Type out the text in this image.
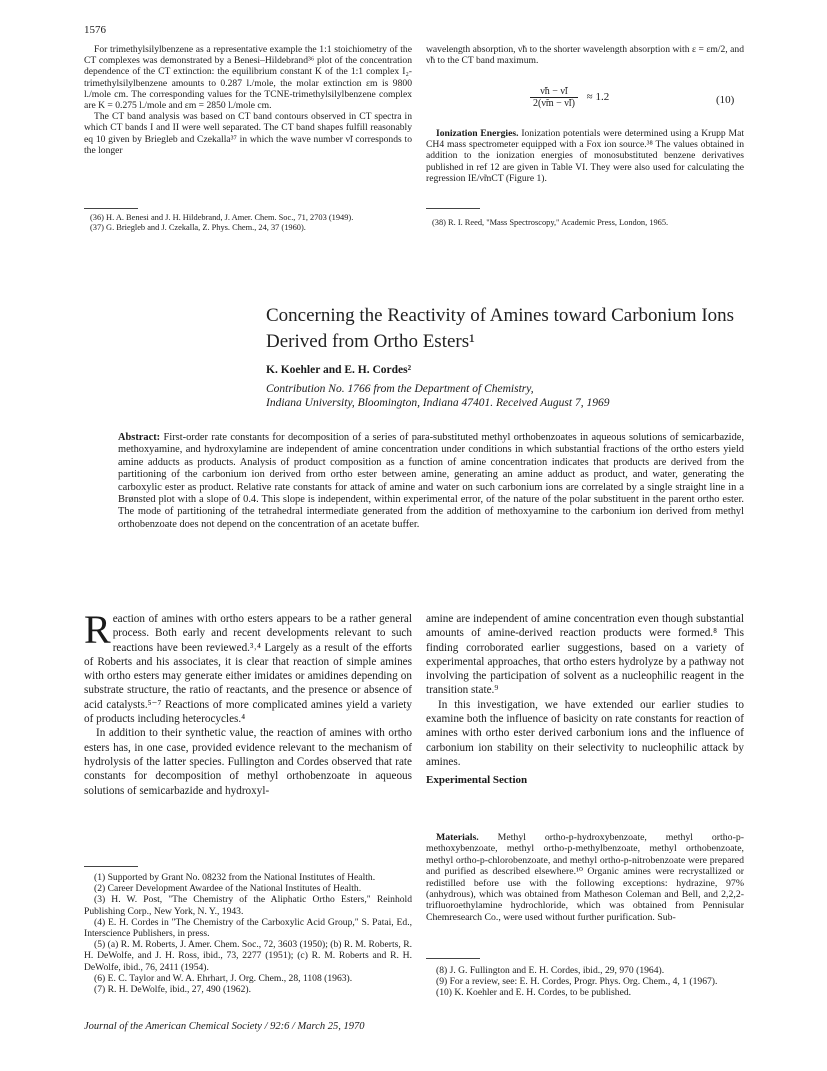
1576

For trimethylsilylbenzene as a representative example the 1:1 stoichiometry of the CT complexes was demonstrated by a Benesi–Hildebrand³⁶ plot of the concentration dependence of the CT extinction: the equilibrium constant K of the 1:1 complex I₂-trimethylsilylbenzene amounts to 0.287 l./mole, the molar extinction εm is 9800 l./mole cm. The corresponding values for the TCNE-trimethylsilylbenzene complex are K = 0.275 l./mole and εm = 2850 l./mole cm.

The CT band analysis was based on CT band contours observed in CT spectra in which CT bands I and II were well separated. The CT band shapes fulfill reasonably eq 10 given by Briegleb and Czekalla³⁷ in which the wave number ν̃l corresponds to the longer

(36) H. A. Benesi and J. H. Hildebrand, J. Amer. Chem. Soc., 71, 2703 (1949).

(37) G. Briegleb and J. Czekalla, Z. Phys. Chem., 24, 37 (1960).

wavelength absorption, ν̃h to the shorter wavelength absorption with ε = εm/2, and ν̃h to the CT band maximum.

$\frac{\nũh - \nũl}{2(\nũm - \nũl)} \approx 1.2$	(10)

Ionization Energies. Ionization potentials were determined using a Krupp Mat CH4 mass spectrometer equipped with a Fox ion source.³⁸ The values obtained in addition to the ionization energies of monosubstituted benzene derivatives published in ref 12 are given in Table VI. They were also used for calculating the regression IE/ν̃mCT (Figure 1).

(38) R. I. Reed, "Mass Spectroscopy," Academic Press, London, 1965.

Concerning the Reactivity of Amines toward Carbonium Ions
Derived from Ortho Esters¹
K. Koehler and E. H. Cordes²
Contribution No. 1766 from the Department of Chemistry,
Indiana University, Bloomington, Indiana 47401. Received August 7, 1969
Abstract: First-order rate constants for decomposition of a series of para-substituted methyl orthobenzoates in aqueous solutions of semicarbazide, methoxyamine, and hydroxylamine are independent of amine concentration under conditions in which substantial fractions of the ortho esters yield amine adducts as products. Analysis of product composition as a function of amine concentration indicates that products are derived from the partitioning of the carbonium ion derived from ortho ester between amine, generating an amine adduct as product, and water, generating the carboxylic ester as product. Relative rate constants for attack of amine and water on such carbonium ions are correlated by a single straight line in a Brønsted plot with a slope of 0.4. This slope is independent, within experimental error, of the nature of the polar substituent in the parent ortho ester. The mode of partitioning of the tetrahedral intermediate generated from the addition of methoxyamine to the carbonium ion derived from methyl orthobenzoate does not depend on the concentration of an acetate buffer.

Reaction of amines with ortho esters appears to be a rather general process. Both early and recent developments relevant to such reactions have been reviewed.³˒⁴ Largely as a result of the efforts of Roberts and his associates, it is clear that reaction of simple amines with ortho esters may generate either imidates or amidines depending on substrate structure, the ratio of reactants, and the presence or absence of acid catalysts.⁵⁻⁷ Reactions of more complicated amines yield a variety of products including heterocycles.⁴

In addition to their synthetic value, the reaction of amines with ortho esters has, in one case, provided evidence relevant to the mechanism of hydrolysis of the latter species. Fullington and Cordes observed that rate constants for decomposition of methyl orthobenzoate in aqueous solutions of semicarbazide and hydroxyl-

(1) Supported by Grant No. 08232 from the National Institutes of Health.

(2) Career Development Awardee of the National Institutes of Health.

(3) H. W. Post, "The Chemistry of the Aliphatic Ortho Esters," Reinhold Publishing Corp., New York, N. Y., 1943.

(4) E. H. Cordes in "The Chemistry of the Carboxylic Acid Group," S. Patai, Ed., Interscience Publishers, in press.

(5) (a) R. M. Roberts, J. Amer. Chem. Soc., 72, 3603 (1950); (b) R. M. Roberts, R. H. DeWolfe, and J. H. Ross, ibid., 73, 2277 (1951); (c) R. M. Roberts and R. H. DeWolfe, ibid., 76, 2411 (1954).

(6) E. C. Taylor and W. A. Ehrhart, J. Org. Chem., 28, 1108 (1963).

(7) R. H. DeWolfe, ibid., 27, 490 (1962).

amine are independent of amine concentration even though substantial amounts of amine-derived reaction products were formed.⁸ This finding corroborated earlier suggestions, based on a variety of experimental approaches, that ortho esters hydrolyze by a pathway not involving the participation of solvent as a nucleophilic reagent in the transition state.⁹

In this investigation, we have extended our earlier studies to examine both the influence of basicity on rate constants for reaction of amines with ortho ester derived carbonium ions and the influence of carbonium ion stability on their selectivity to nucleophilic attack by amines.

Experimental Section

Materials. Methyl ortho-p-hydroxybenzoate, methyl ortho-p-methoxybenzoate, methyl ortho-p-methylbenzoate, methyl orthobenzoate, methyl ortho-p-chlorobenzoate, and methyl ortho-p-nitrobenzoate were prepared and purified as described elsewhere.¹⁰ Organic amines were recrystallized or redistilled before use with the following exceptions: hydrazine, 97% (anhydrous), which was obtained from Matheson Coleman and Bell, and 2,2,2-trifluoroethylamine hydrochloride, which was obtained from Pennisular Chemresearch Co., were used without further purification. Sub-

(8) J. G. Fullington and E. H. Cordes, ibid., 29, 970 (1964).

(9) For a review, see: E. H. Cordes, Progr. Phys. Org. Chem., 4, 1 (1967).

(10) K. Koehler and E. H. Cordes, to be published.

Journal of the American Chemical Society / 92:6 / March 25, 1970
